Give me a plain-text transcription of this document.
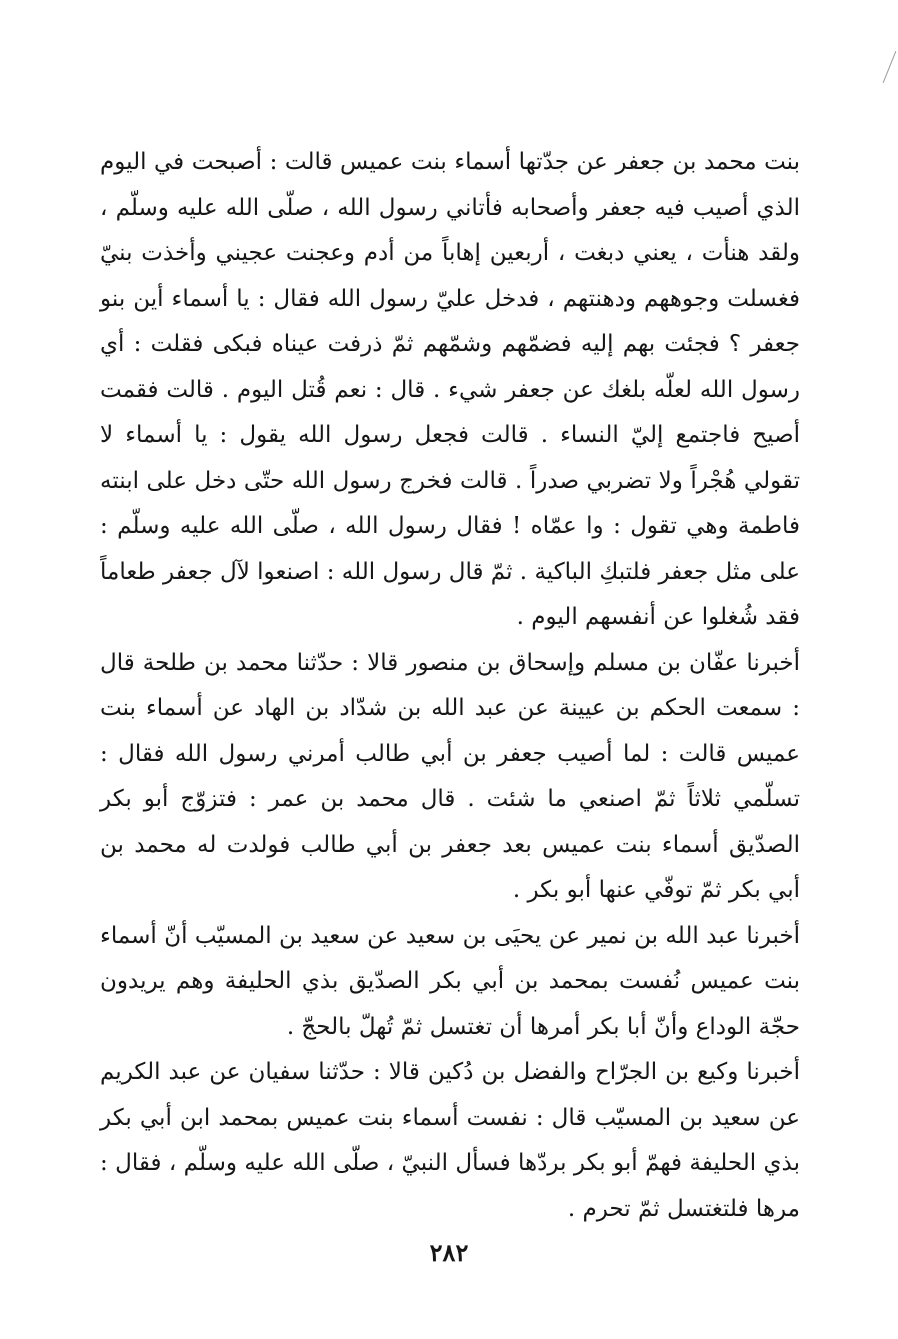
بنت محمد بن جعفر عن جدّتها أسماء بنت عميس قالت : أصبحت في اليوم الذي أصيب فيه جعفر وأصحابه فأتاني رسول الله ، صلّى الله عليه وسلّم ، ولقد هنأت ، يعني دبغت ، أربعين إهاباً من أدم وعجنت عجيني وأخذت بنيّ فغسلت وجوههم ودهنتهم ، فدخل عليّ رسول الله فقال : يا أسماء أين بنو جعفر ؟ فجئت بهم إليه فضمّهم وشمّهم ثمّ ذرفت عيناه فبكى فقلت : أي رسول الله لعلّه بلغك عن جعفر شيء . قال : نعم قُتل اليوم . قالت فقمت أصيح فاجتمع إليّ النساء . قالت فجعل رسول الله يقول : يا أسماء لا تقولي هُجْراً ولا تضربي صدراً . قالت فخرج رسول الله حتّى دخل على ابنته فاطمة وهي تقول : وا عمّاه ! فقال رسول الله ، صلّى الله عليه وسلّم : على مثل جعفر فلتبكِ الباكية . ثمّ قال رسول الله : اصنعوا لآل جعفر طعاماً فقد شُغلوا عن أنفسهم اليوم .

أخبرنا عفّان بن مسلم وإسحاق بن منصور قالا : حدّثنا محمد بن طلحة قال : سمعت الحكم بن عيينة عن عبد الله بن شدّاد بن الهاد عن أسماء بنت عميس قالت : لما أصيب جعفر بن أبي طالب أمرني رسول الله فقال : تسلّمي ثلاثاً ثمّ اصنعي ما شئت . قال محمد بن عمر : فتزوّج أبو بكر الصدّيق أسماء بنت عميس بعد جعفر بن أبي طالب فولدت له محمد بن أبي بكر ثمّ توفّي عنها أبو بكر .

أخبرنا عبد الله بن نمير عن يحيَى بن سعيد عن سعيد بن المسيّب أنّ أسماء بنت عميس نُفست بمحمد بن أبي بكر الصدّيق بذي الحليفة وهم يريدون حجّة الوداع وأنّ أبا بكر أمرها أن تغتسل ثمّ تُهلّ بالحجّ .

أخبرنا وكيع بن الجرّاح والفضل بن دُكين قالا : حدّثنا سفيان عن عبد الكريم عن سعيد بن المسيّب قال : نفست أسماء بنت عميس بمحمد ابن أبي بكر بذي الحليفة فهمّ أبو بكر بردّها فسأل النبيّ ، صلّى الله عليه وسلّم ، فقال : مرها فلتغتسل ثمّ تحرم .

٢٨٢
